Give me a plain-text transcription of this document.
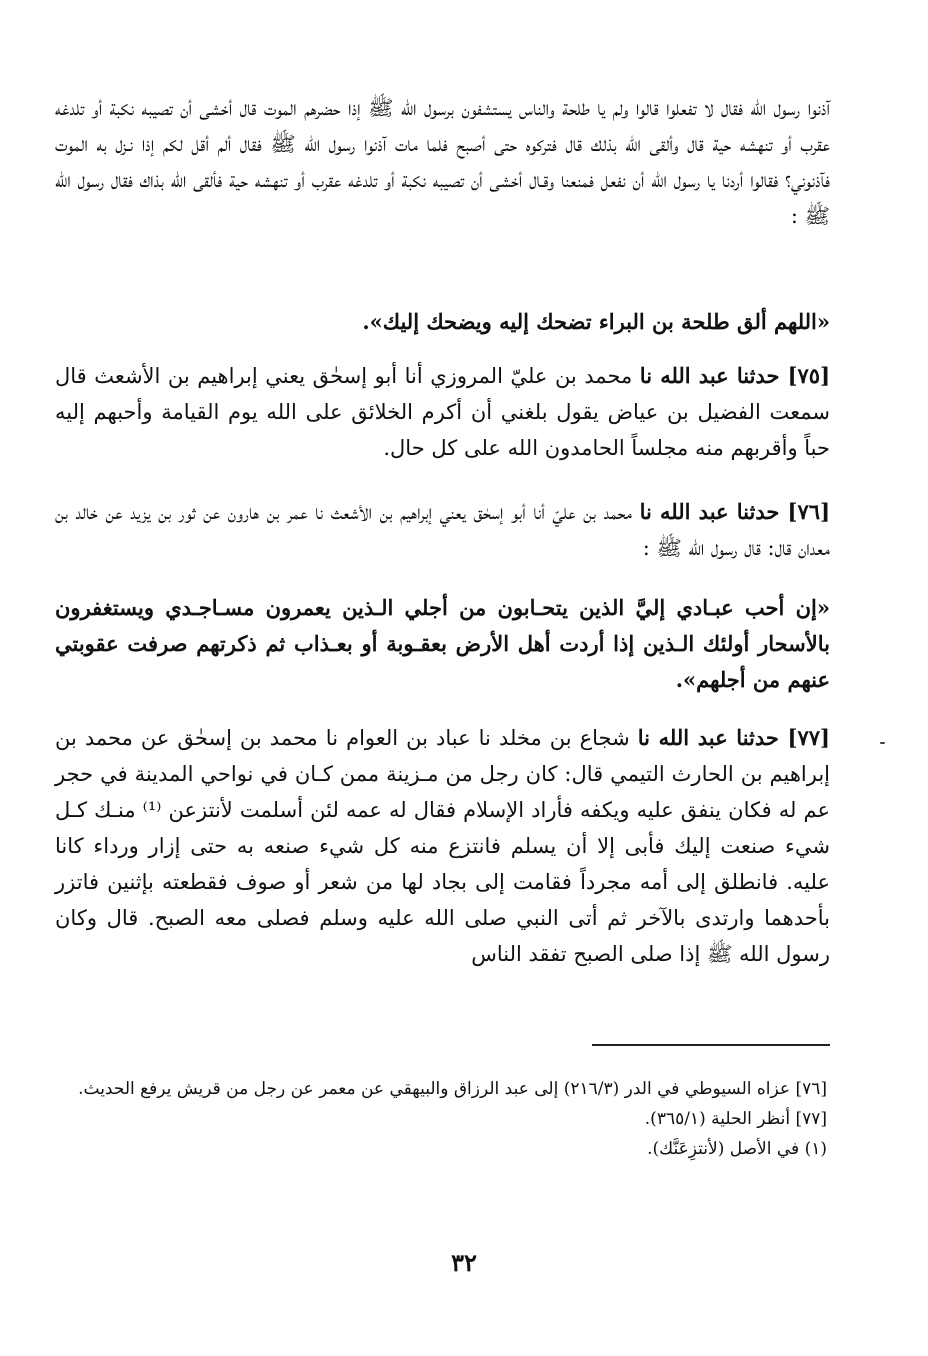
آذنوا رسول الله فقال لا تفعلوا قالوا ولم يا طلحة والناس يستشفون برسول الله ﷺ إذا حضرهم الموت قال أخشى أن تصيبه نكبة أو تلدغه عقرب أو تنهشه حية قال وألقى الله بذلك قال فتركوه حتى أصبح فلما مات آذنوا رسول الله ﷺ فقال ألم أقل لكم إذا نـزل به الموت فآذنوني؟ فقالوا أردنا يا رسول الله أن نفعل فمنعنا وقـال أخشى أن تصيبه نكبة أو تلدغه عقرب أو تنهشه حية فألقى الله بذاك فقال رسول الله ﷺ :

«اللهم ألق طلحة بن البراء تضحك إليه ويضحك إليك».

[٧٥] حدثنا عبد الله نا محمد بن عليّ المروزي أنا أبو إسحٰق يعني إبراهيم بن الأشعث قال سمعت الفضيل بن عياض يقول بلغني أن أكرم الخلائق على الله يوم القيامة وأحبهم إليه حباً وأقربهم منه مجلساً الحامدون الله على كل حال.

[٧٦] حدثنا عبد الله نا محمد بن عليّ أنا أبو إسحٰق يعني إبراهيم بن الأشعث نا عمر بن هارون عن ثور بن يزيد عن خالد بن معدان قال: قال رسول الله ﷺ :

«إن أحب عبـادي إليَّ الذين يتحـابون من أجلي الـذين يعمرون مسـاجـدي ويستغفرون بالأسحار أولئك الـذين إذا أردت أهل الأرض بعقـوبة أو بعـذاب ثم ذكرتهم صرفت عقوبتي عنهم من أجلهم».

[٧٧] حدثنا عبد الله نا شجاع بن مخلد نا عباد بن العوام نا محمد بن إسحٰق عن محمد بن إبراهيم بن الحارث التيمي قال: كان رجل من مـزينة ممن كـان في نواحي المدينة في حجر عم له فكان ينفق عليه ويكفه فأراد الإسلام فقال له عمه لئن أسلمت لأنتزعن ⁽¹⁾ منـك كـل شيء صنعت إليك فأبى إلا أن يسلم فانتزع منه كل شيء صنعه به حتى إزار ورداء كانا عليه. فانطلق إلى أمه مجرداً فقامت إلى بجاد لها من شعر أو صوف فقطعته بإثنين فاتزر بأحدهما وارتدى بالآخر ثم أتى النبي صلى الله عليه وسلم فصلى معه الصبح. قال وكان رسول الله ﷺ إذا صلى الصبح تفقد الناس

[٧٦] عزاه السيوطي في الدر (٢١٦/٣) إلى عبد الرزاق والبيهقي عن معمر عن رجل من قريش يرفع الحديث.

[٧٧] أنظر الحلية (٣٦٥/١).

(١) في الأصل (لأنتزِعَنَّك).

٣٢
